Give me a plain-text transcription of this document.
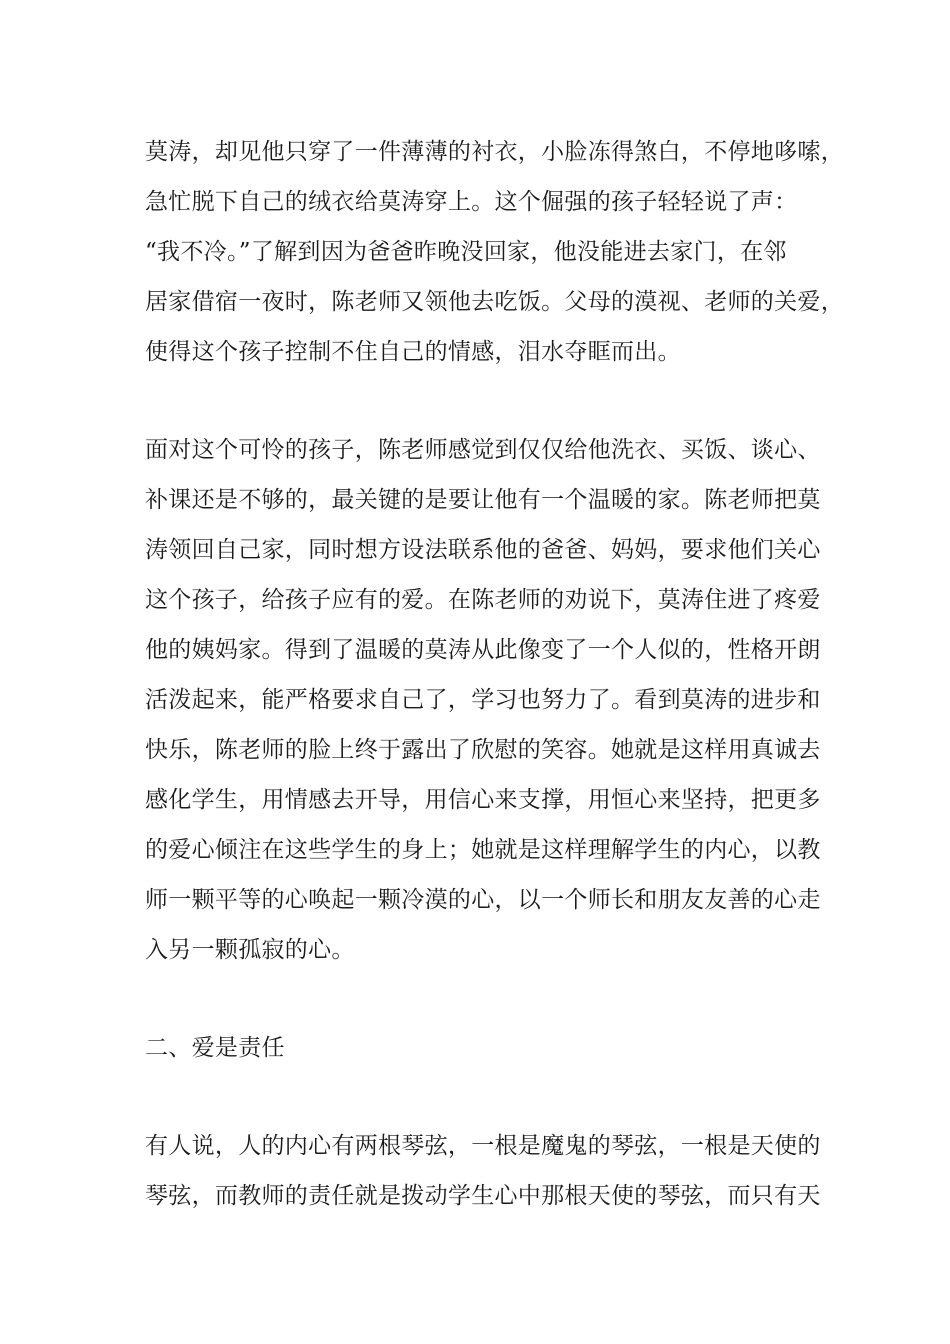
莫涛，却见他只穿了一件薄薄的衬衣，小脸冻得煞白，不停地哆嗦，

急忙脱下自己的绒衣给莫涛穿上。这个倔强的孩子轻轻说了声：

“我不冷。”了解到因为爸爸昨晚没回家，他没能进去家门，在邻

居家借宿一夜时，陈老师又领他去吃饭。父母的漠视、老师的关爱，

使得这个孩子控制不住自己的情感，泪水夺眶而出。

面对这个可怜的孩子，陈老师感觉到仅仅给他洗衣、买饭、谈心、

补课还是不够的，最关键的是要让他有一个温暖的家。陈老师把莫

涛领回自己家，同时想方设法联系他的爸爸、妈妈，要求他们关心

这个孩子，给孩子应有的爱。在陈老师的劝说下，莫涛住进了疼爱

他的姨妈家。得到了温暖的莫涛从此像变了一个人似的，性格开朗

活泼起来，能严格要求自己了，学习也努力了。看到莫涛的进步和

快乐，陈老师的脸上终于露出了欣慰的笑容。她就是这样用真诚去

感化学生，用情感去开导，用信心来支撑，用恒心来坚持，把更多

的爱心倾注在这些学生的身上；她就是这样理解学生的内心，以教

师一颗平等的心唤起一颗冷漠的心，以一个师长和朋友友善的心走

入另一颗孤寂的心。

二、爱是责任

有人说，人的内心有两根琴弦，一根是魔鬼的琴弦，一根是天使的

琴弦，而教师的责任就是拨动学生心中那根天使的琴弦，而只有天
